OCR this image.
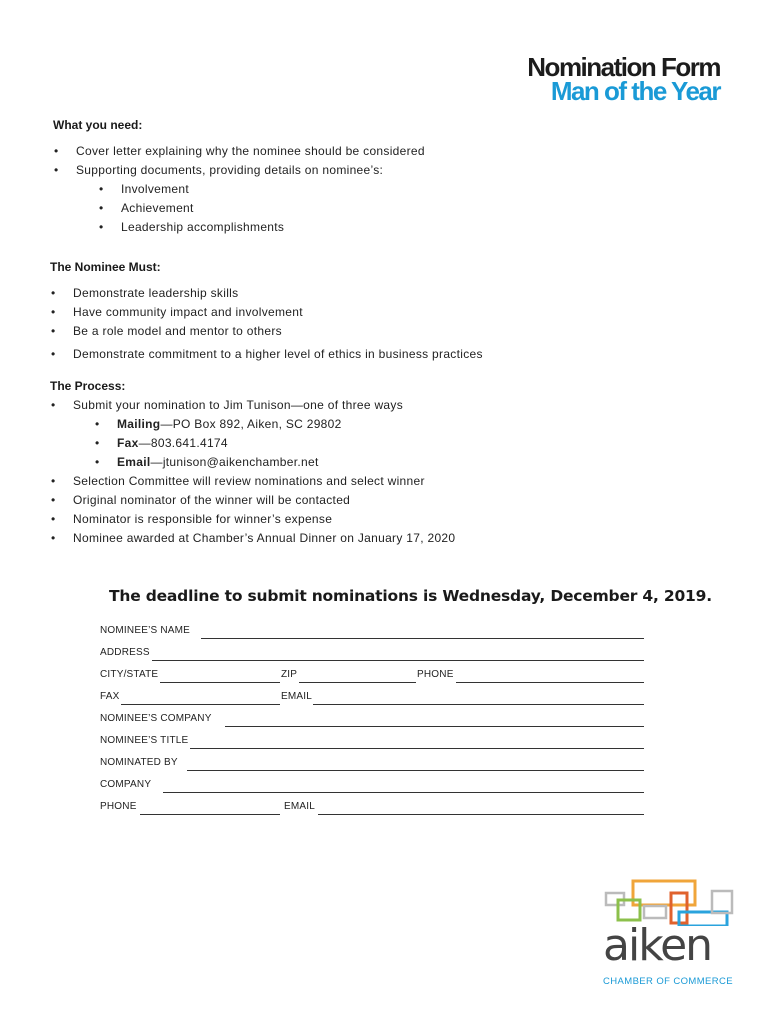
Nomination Form
Man of the Year
What you need:
• Cover letter explaining why the nominee should be considered
• Supporting documents, providing details on nominee’s:
• Involvement
• Achievement
• Leadership accomplishments
The Nominee Must:
• Demonstrate leadership skills
• Have community impact and involvement
• Be a role model and mentor to others
• Demonstrate commitment to a higher level of ethics in business practices
The Process:
• Submit your nomination to Jim Tunison—one of three ways
• Mailing—PO Box 892, Aiken, SC 29802
• Fax—803.641.4174
• Email—jtunison@aikenchamber.net
• Selection Committee will review nominations and select winner
• Original nominator of the winner will be contacted
• Nominator is responsible for winner’s expense
• Nominee awarded at Chamber’s Annual Dinner on January 17, 2020
The deadline to submit nominations is Wednesday, December 4, 2019.
NOMINEE’S NAME
ADDRESS
CITY/STATE	ZIP	PHONE
FAX	EMAIL
NOMINEE’S COMPANY
NOMINEE’S TITLE
NOMINATED BY
COMPANY
PHONE	EMAIL
aiken
CHAMBER OF COMMERCE
